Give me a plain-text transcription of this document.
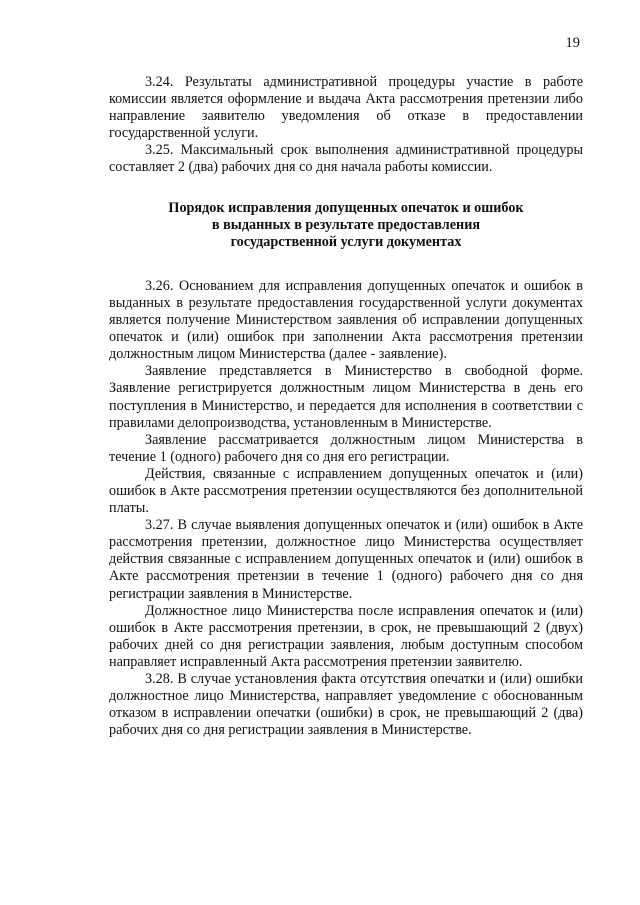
19

3.24. Результаты административной процедуры участие в работе комиссии является оформление и выдача Акта рассмотрения претензии либо направление заявителю уведомления об отказе в предоставлении государственной услуги.

3.25. Максимальный срок выполнения административной процедуры составляет 2 (два) рабочих дня со дня начала работы комиссии.

Порядок исправления допущенных опечаток и ошибок
в выданных в результате предоставления
государственной услуги документах

3.26. Основанием для исправления допущенных опечаток и ошибок в выданных в результате предоставления государственной услуги документах является получение Министерством заявления об исправлении допущенных опечаток и (или) ошибок при заполнении Акта рассмотрения претензии должностным лицом Министерства (далее - заявление).

Заявление представляется в Министерство в свободной форме. Заявление регистрируется должностным лицом Министерства в день его поступления в Министерство, и передается для исполнения в соответствии с правилами делопроизводства, установленным в Министерстве.

Заявление рассматривается должностным лицом Министерства в течение 1 (одного) рабочего дня со дня его регистрации.

Действия, связанные с исправлением допущенных опечаток и (или) ошибок в Акте рассмотрения претензии осуществляются без дополнительной платы.

3.27. В случае выявления допущенных опечаток и (или) ошибок в Акте рассмотрения претензии, должностное лицо Министерства осуществляет действия связанные с исправлением допущенных опечаток и (или) ошибок в Акте рассмотрения претензии в течение 1 (одного) рабочего дня со дня регистрации заявления в Министерстве.

Должностное лицо Министерства после исправления опечаток и (или) ошибок в Акте рассмотрения претензии, в срок, не превышающий 2 (двух) рабочих дней со дня регистрации заявления, любым доступным способом направляет исправленный Акта рассмотрения претензии заявителю.

3.28. В случае установления факта отсутствия опечатки и (или) ошибки должностное лицо Министерства, направляет уведомление с обоснованным отказом в исправлении опечатки (ошибки) в срок, не превышающий 2 (два) рабочих дня со дня регистрации заявления в Министерстве.
